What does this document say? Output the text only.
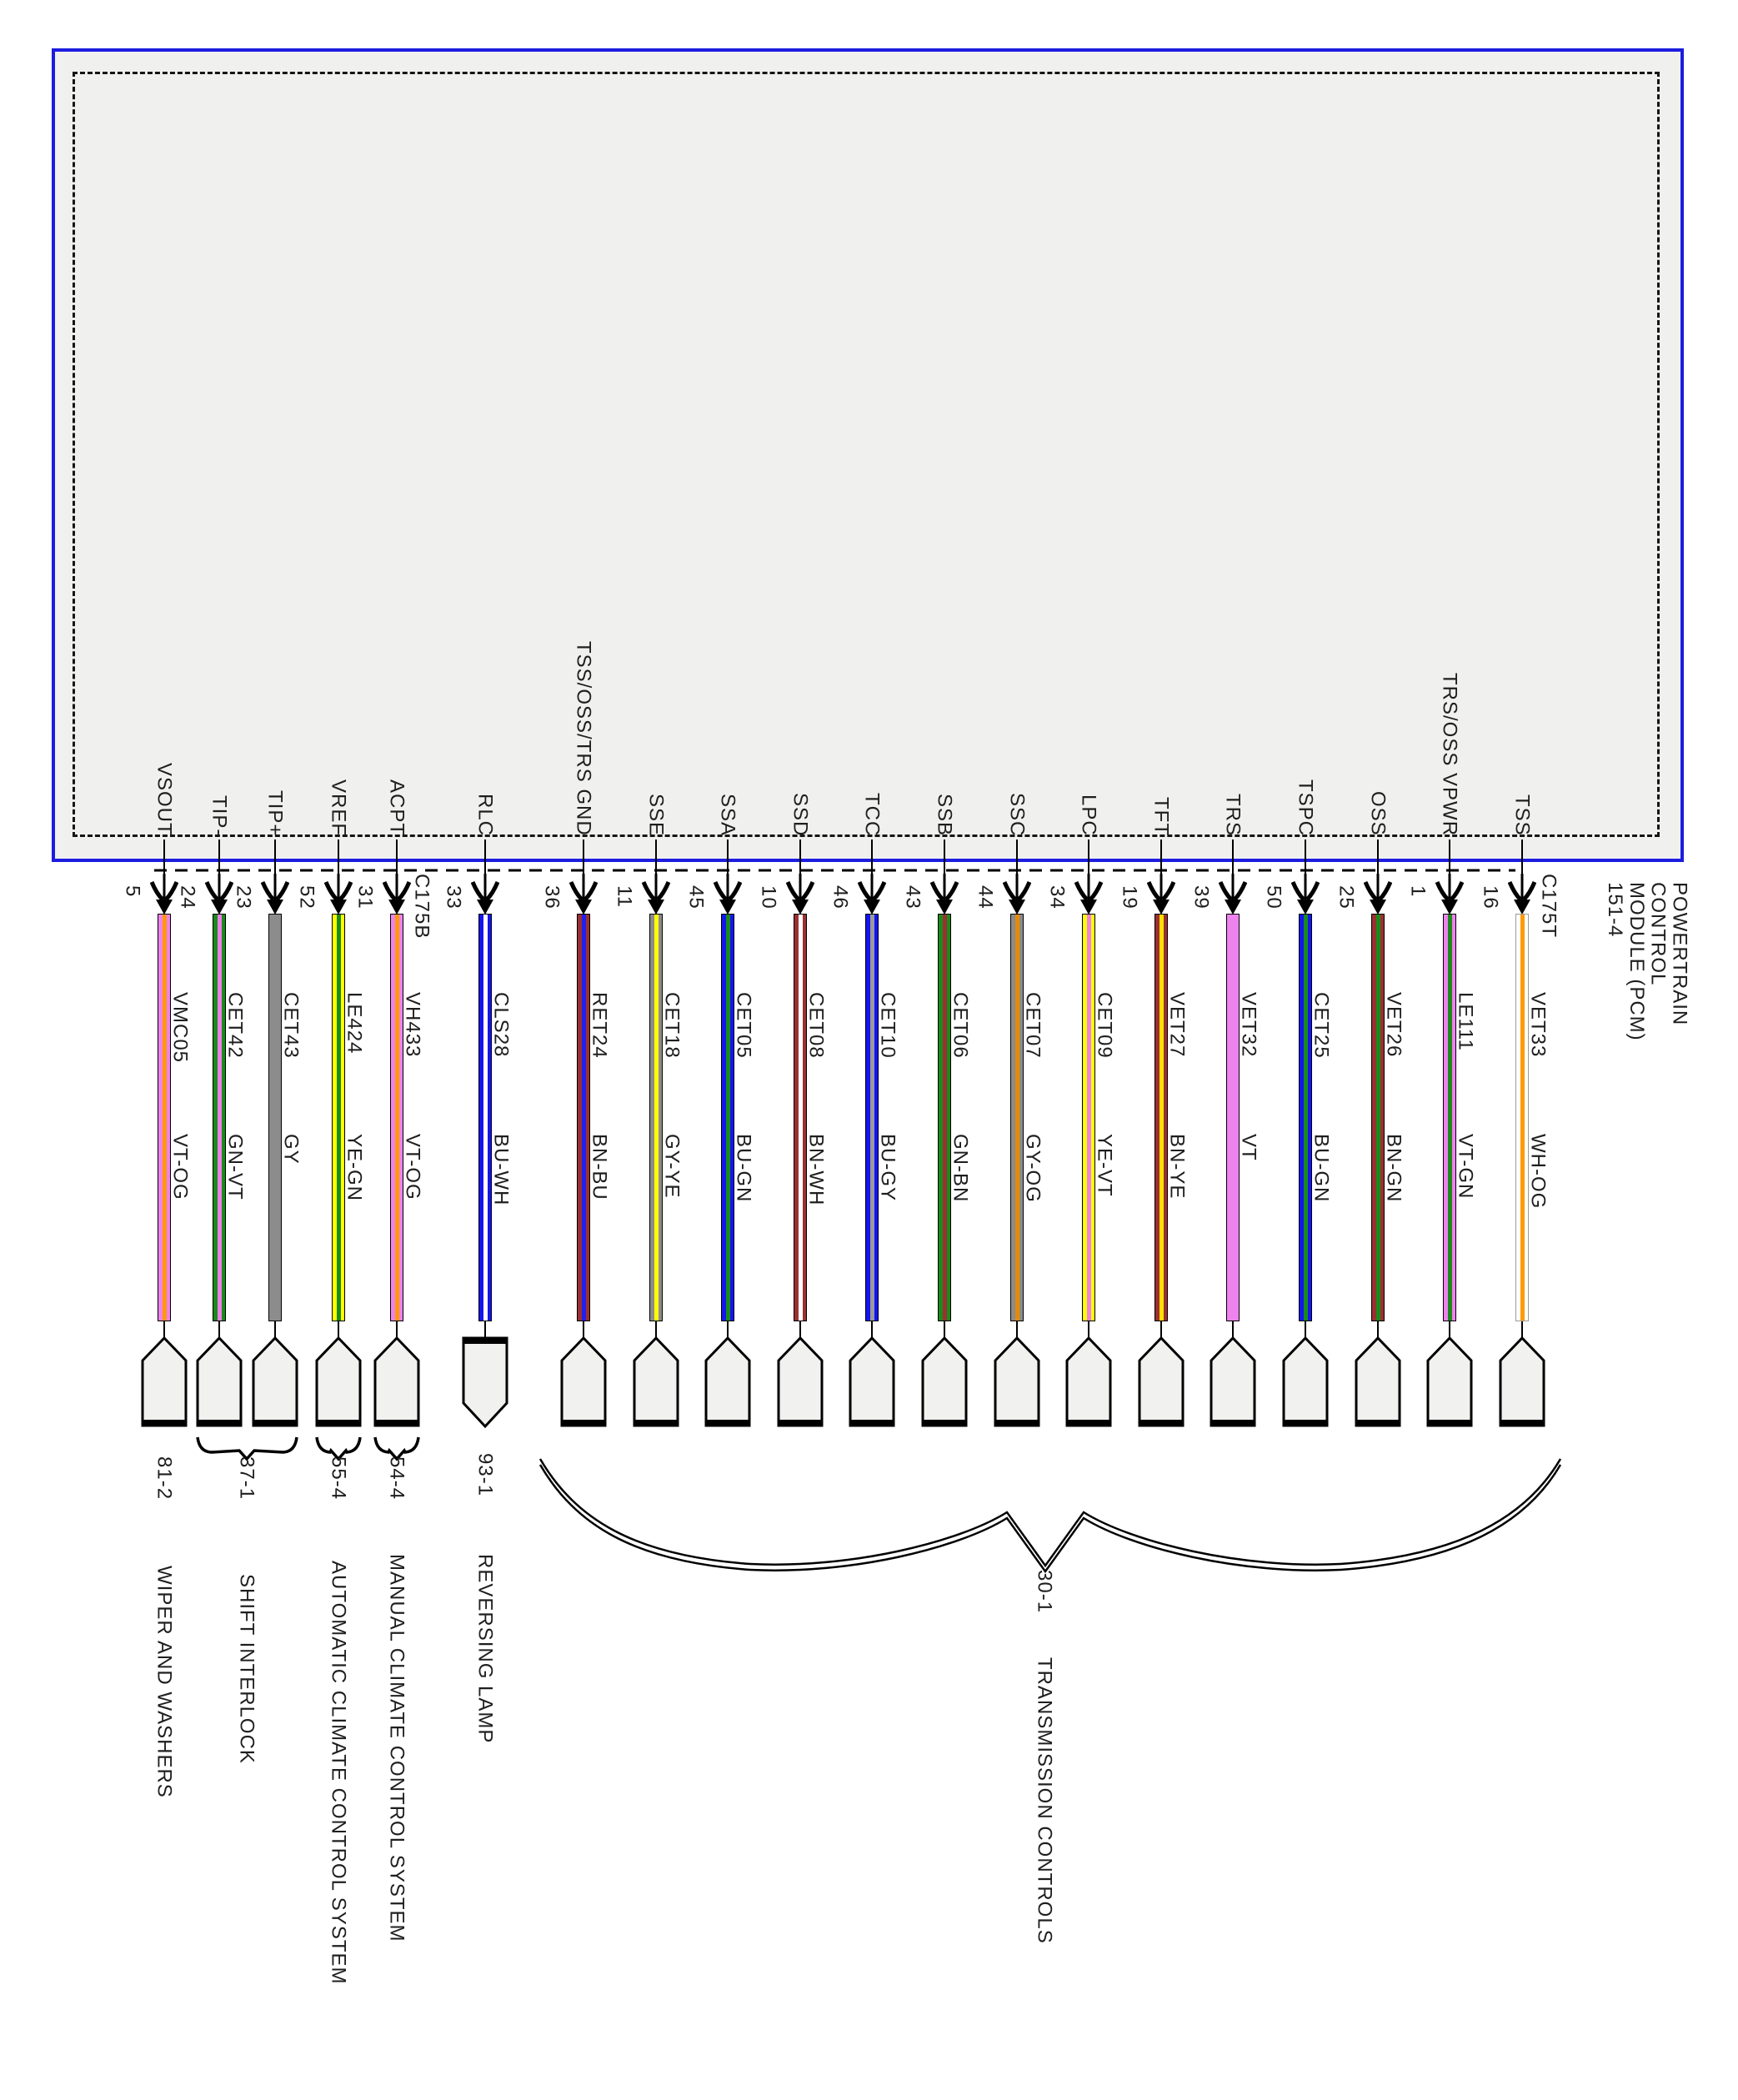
POWERTRAIN
CONTROL
MODULE (PCM)
151-4
C175B	C175T
VSOUT
5
VMC05
VT-OG
TIP-
24
CET42
GN-VT
TIP+
23
CET43
GY
VREF
52
LE424
YE-GN
ACPT
31
VH433
VT-OG
RLC
33
CLS28
BU-WH
TSS/OSS/TRS GND
36
RET24
BN-BU
SSE
11
CET18
GY-YE
SSA
45
CET05
BU-GN
SSD
10
CET08
BN-WH
TCC
46
CET10
BU-GY
SSB
43
CET06
GN-BN
SSC
44
CET07
GY-OG
LPC
34
CET09
YE-VT
TFT
19
VET27
BN-YE
TRS
39
VET32
VT
TSPC
50
CET25
BU-GN
OSS
25
VET26
BN-GN
TRS/OSS VPWR
1
LE111
VT-GN
TSS
16
VET33
WH-OG
81-2
WIPER AND WASHERS
37-1
SHIFT INTERLOCK
55-4
AUTOMATIC CLIMATE CONTROL SYSTEM
54-4
MANUAL CLIMATE CONTROL SYSTEM
93-1
REVERSING LAMP	30-1
TRANSMISSION CONTROLS
